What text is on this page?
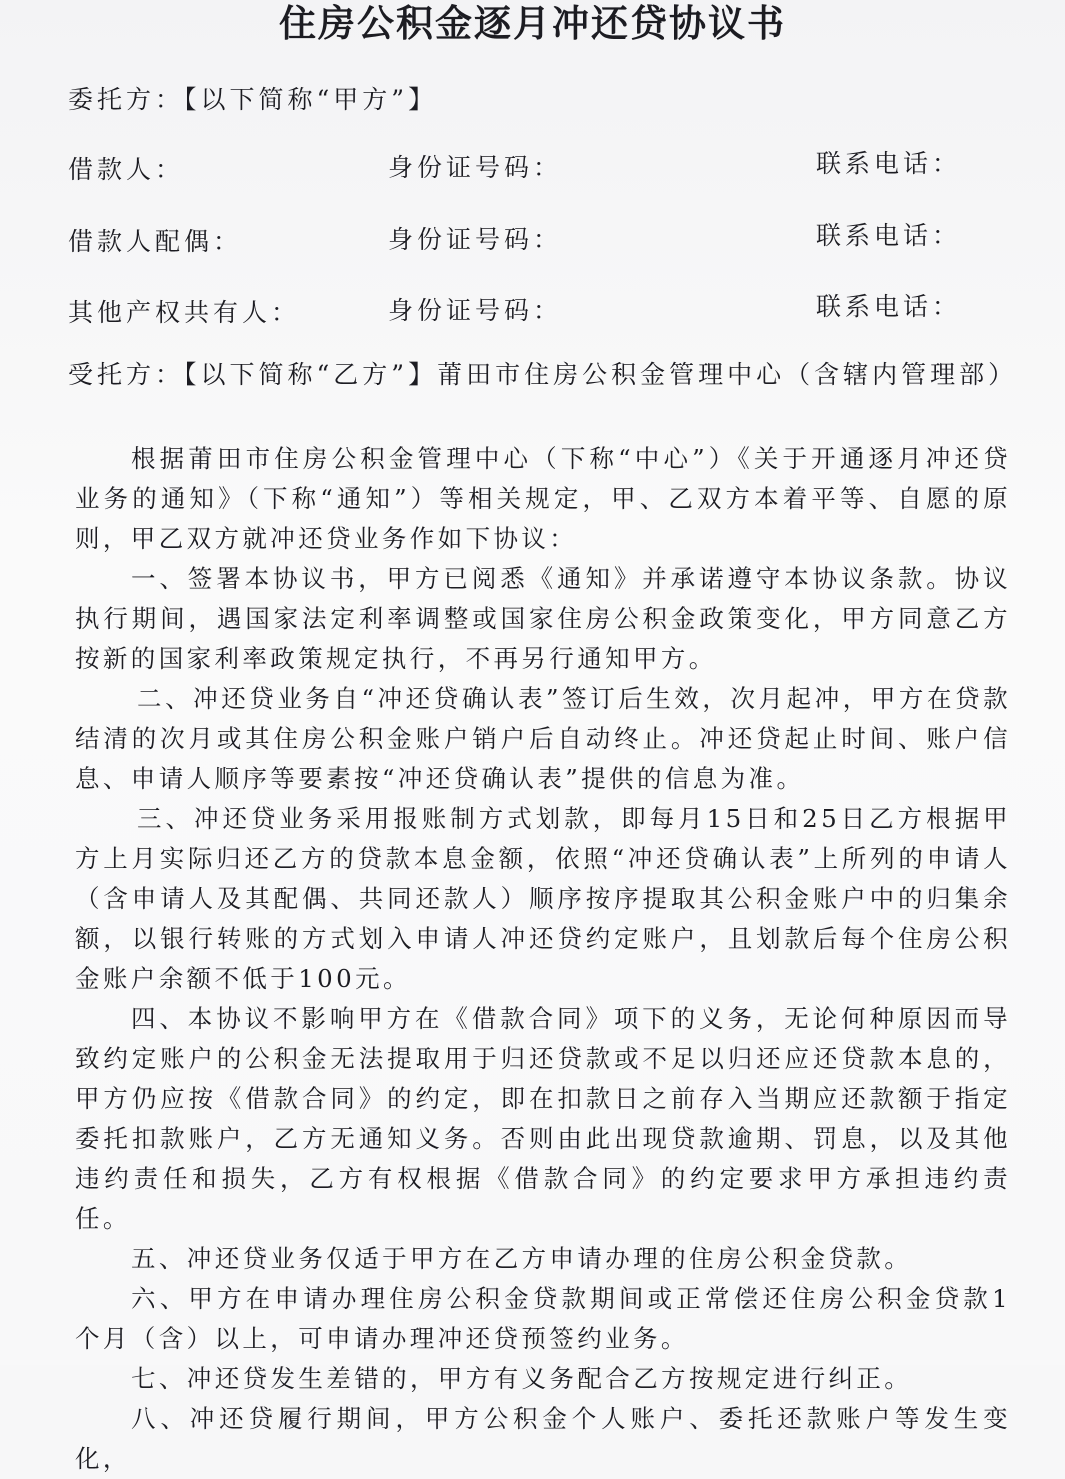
住房公积金逐月冲还贷协议书
委托方：【以下简称“甲方”】
借款人：	身份证号码：	联系电话：
借款人配偶：	身份证号码：	联系电话：
其他产权共有人：	身份证号码：	联系电话：
受托方：【以下简称“乙方”】莆田市住房公积金管理中心（含辖内管理部）

根据莆田市住房公积金管理中心（下称“中心”）《关于开通逐月冲还贷业务的通知》（下称“通知”）等相关规定，甲、乙双方本着平等、自愿的原则，甲乙双方就冲还贷业务作如下协议：

一、签署本协议书，甲方已阅悉《通知》并承诺遵守本协议条款。协议执行期间，遇国家法定利率调整或国家住房公积金政策变化，甲方同意乙方按新的国家利率政策规定执行，不再另行通知甲方。

二、冲还贷业务自“冲还贷确认表”签订后生效，次月起冲，甲方在贷款结清的次月或其住房公积金账户销户后自动终止。冲还贷起止时间、账户信息、申请人顺序等要素按“冲还贷确认表”提供的信息为准。

三、冲还贷业务采用报账制方式划款，即每月15日和25日乙方根据甲方上月实际归还乙方的贷款本息金额，依照“冲还贷确认表”上所列的申请人（含申请人及其配偶、共同还款人）顺序按序提取其公积金账户中的归集余额，以银行转账的方式划入申请人冲还贷约定账户，且划款后每个住房公积金账户余额不低于100元。

四、本协议不影响甲方在《借款合同》项下的义务，无论何种原因而导致约定账户的公积金无法提取用于归还贷款或不足以归还应还贷款本息的，甲方仍应按《借款合同》的约定，即在扣款日之前存入当期应还款额于指定委托扣款账户，乙方无通知义务。否则由此出现贷款逾期、罚息，以及其他违约责任和损失，乙方有权根据《借款合同》的约定要求甲方承担违约责任。

五、冲还贷业务仅适于甲方在乙方申请办理的住房公积金贷款。

六、甲方在申请办理住房公积金贷款期间或正常偿还住房公积金贷款1个月（含）以上，可申请办理冲还贷预签约业务。

七、冲还贷发生差错的，甲方有义务配合乙方按规定进行纠正。

八、冲还贷履行期间，甲方公积金个人账户、委托还款账户等发生变化，
